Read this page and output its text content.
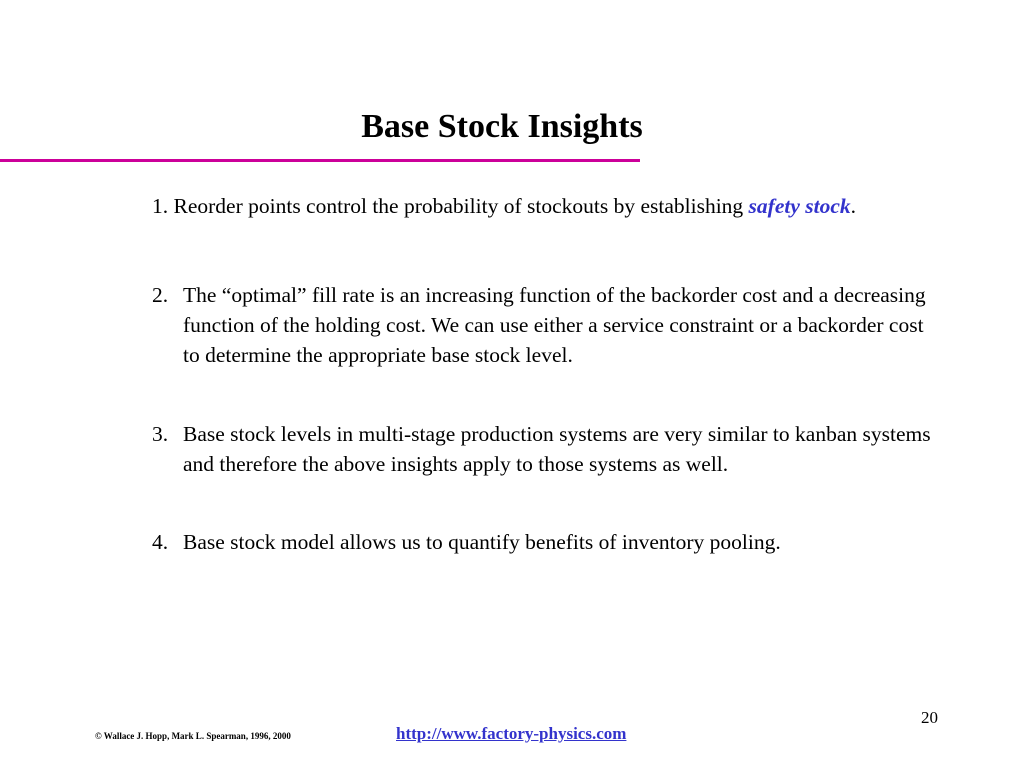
Base Stock Insights

1. Reorder points control the probability of stockouts by establishing safety stock.

2. The “optimal” fill rate is an increasing function of the backorder cost and a decreasing function of the holding cost. We can use either a service constraint or a backorder cost to determine the appropriate base stock level.

3. Base stock levels in multi-stage production systems are very similar to kanban systems and therefore the above insights apply to those systems as well.

4. Base stock model allows us to quantify benefits of inventory pooling.

20
© Wallace J. Hopp, Mark L. Spearman, 1996, 2000	http://www.factory-physics.com
